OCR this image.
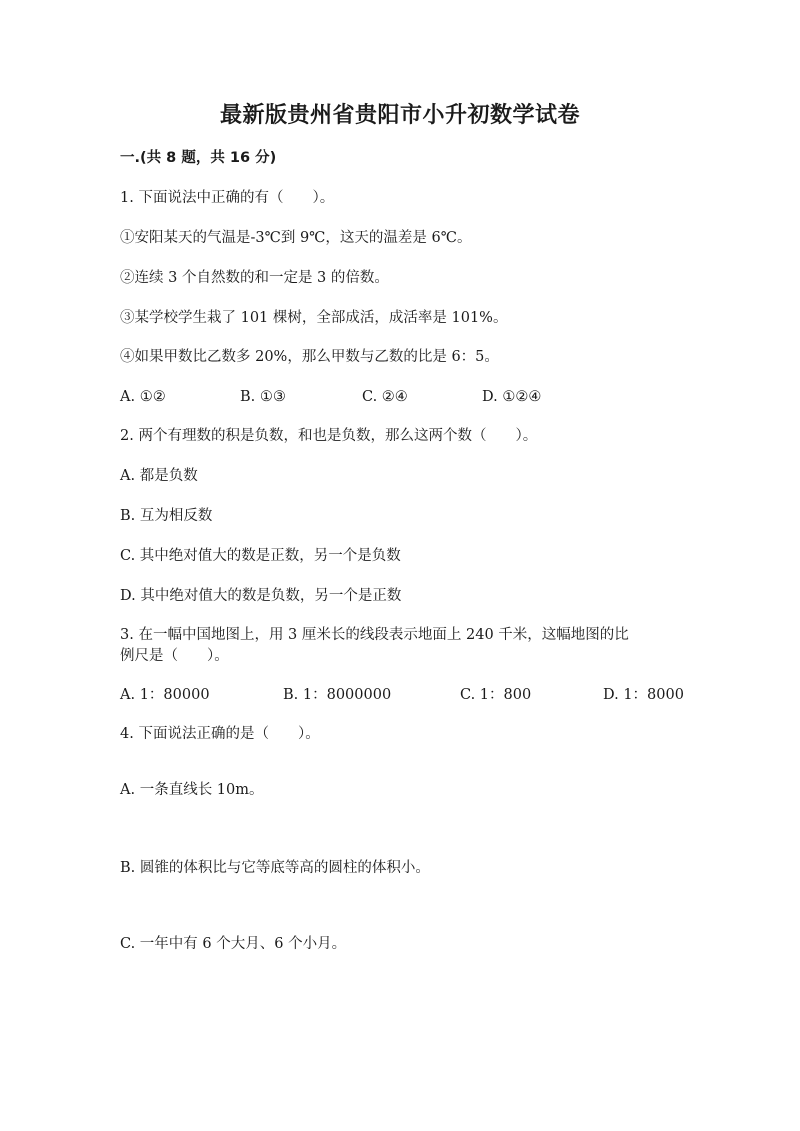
最新版贵州省贵阳市小升初数学试卷
一.(共 8 题，共 16 分)
1. 下面说法中正确的有（　　）。
①安阳某天的气温是-3℃到 9℃，这天的温差是 6℃。
②连续 3 个自然数的和一定是 3 的倍数。
③某学校学生栽了 101 棵树，全部成活，成活率是 101%。
④如果甲数比乙数多 20%，那么甲数与乙数的比是 6：5。
A. ①②	B. ①③	C. ②④	D. ①②④
2. 两个有理数的积是负数，和也是负数，那么这两个数（　　）。
A. 都是负数
B. 互为相反数
C. 其中绝对值大的数是正数，另一个是负数
D. 其中绝对值大的数是负数，另一个是正数
3. 在一幅中国地图上，用 3 厘米长的线段表示地面上 240 千米，这幅地图的比
例尺是（　　）。
A. 1：80000	B. 1：8000000	C. 1：800	D. 1：8000
4. 下面说法正确的是（　　）。
A. 一条直线长 10m。
B. 圆锥的体积比与它等底等高的圆柱的体积小。
C. 一年中有 6 个大月、6 个小月。
